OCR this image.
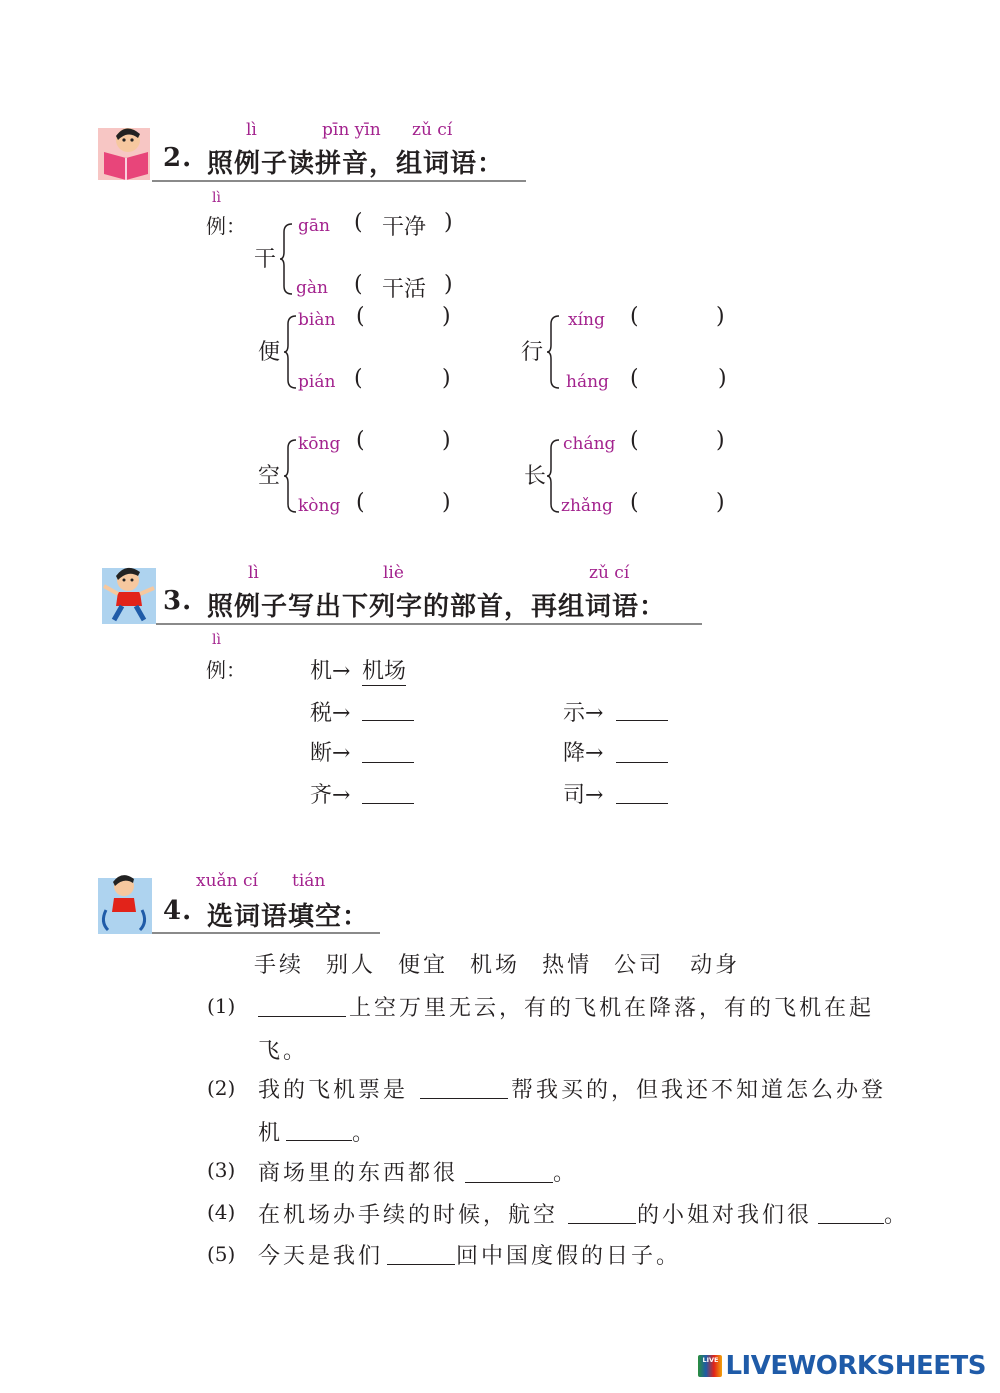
lì	pīn yīn zǔ cí
2. 照例子读拼音，组词语：
lì
例：
干
gān ( 干净 )
gàn ( 干活 )
便
biàn (	)
pián (	)
行
xíng (	)
háng (	)
空
kōng (	)
kòng (	)
长
cháng (	)
zhǎng (	)
lì	liè	zǔ cí
3. 照例子写出下列字的部首，再组词语：
lì
例：	机→ 机场
税→	示→
断→	降→
齐→	司→
xuǎn cí tián
4. 选词语填空：
手续 别人 便宜 机场 热情 公司 动身
(1)	上空万里无云，有的飞机在降落，有的飞机在起
飞。
(2) 我的飞机票是	帮我买的，但我还不知道怎么办登
机	。
(3) 商场里的东西都很	。
(4) 在机场办手续的时候，航空	的小姐对我们很	。
(5) 今天是我们	回中国度假的日子。
LIVE LIVEWORKSHEETS
